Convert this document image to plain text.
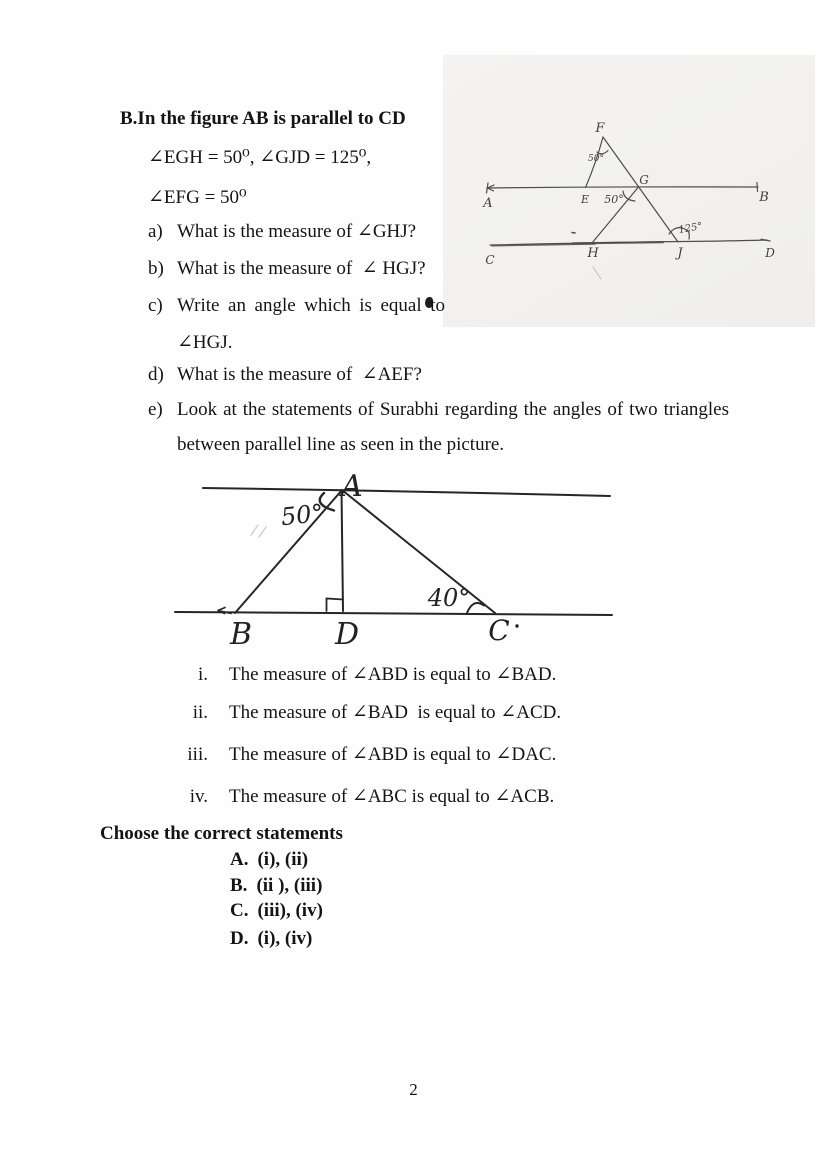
F
50°
E
G
A	B
50°
125°
C	H	J	D
B.In the figure AB is parallel to CD
∠EGH = 50⁰, ∠GJD = 125⁰,
∠EFG = 50⁰
a) What is the measure of ∠GHJ?
b) What is the measure of  ∠ HGJ?
c) Write an angle which is equal to
∠HGJ.
d) What is the measure of  ∠AEF?
e) Look at the statements of Surabhi regarding the angles of two triangles
between parallel line as seen in the picture.
A
50°
40°
B	D	C
i. The measure of ∠ABD is equal to ∠BAD.
ii. The measure of ∠BAD  is equal to ∠ACD.
iii. The measure of ∠ABD is equal to ∠DAC.
iv. The measure of ∠ABC is equal to ∠ACB.
Choose the correct statements
A. (i), (ii)
B. (ii ), (iii)
C. (iii), (iv)
D. (i), (iv)
2
